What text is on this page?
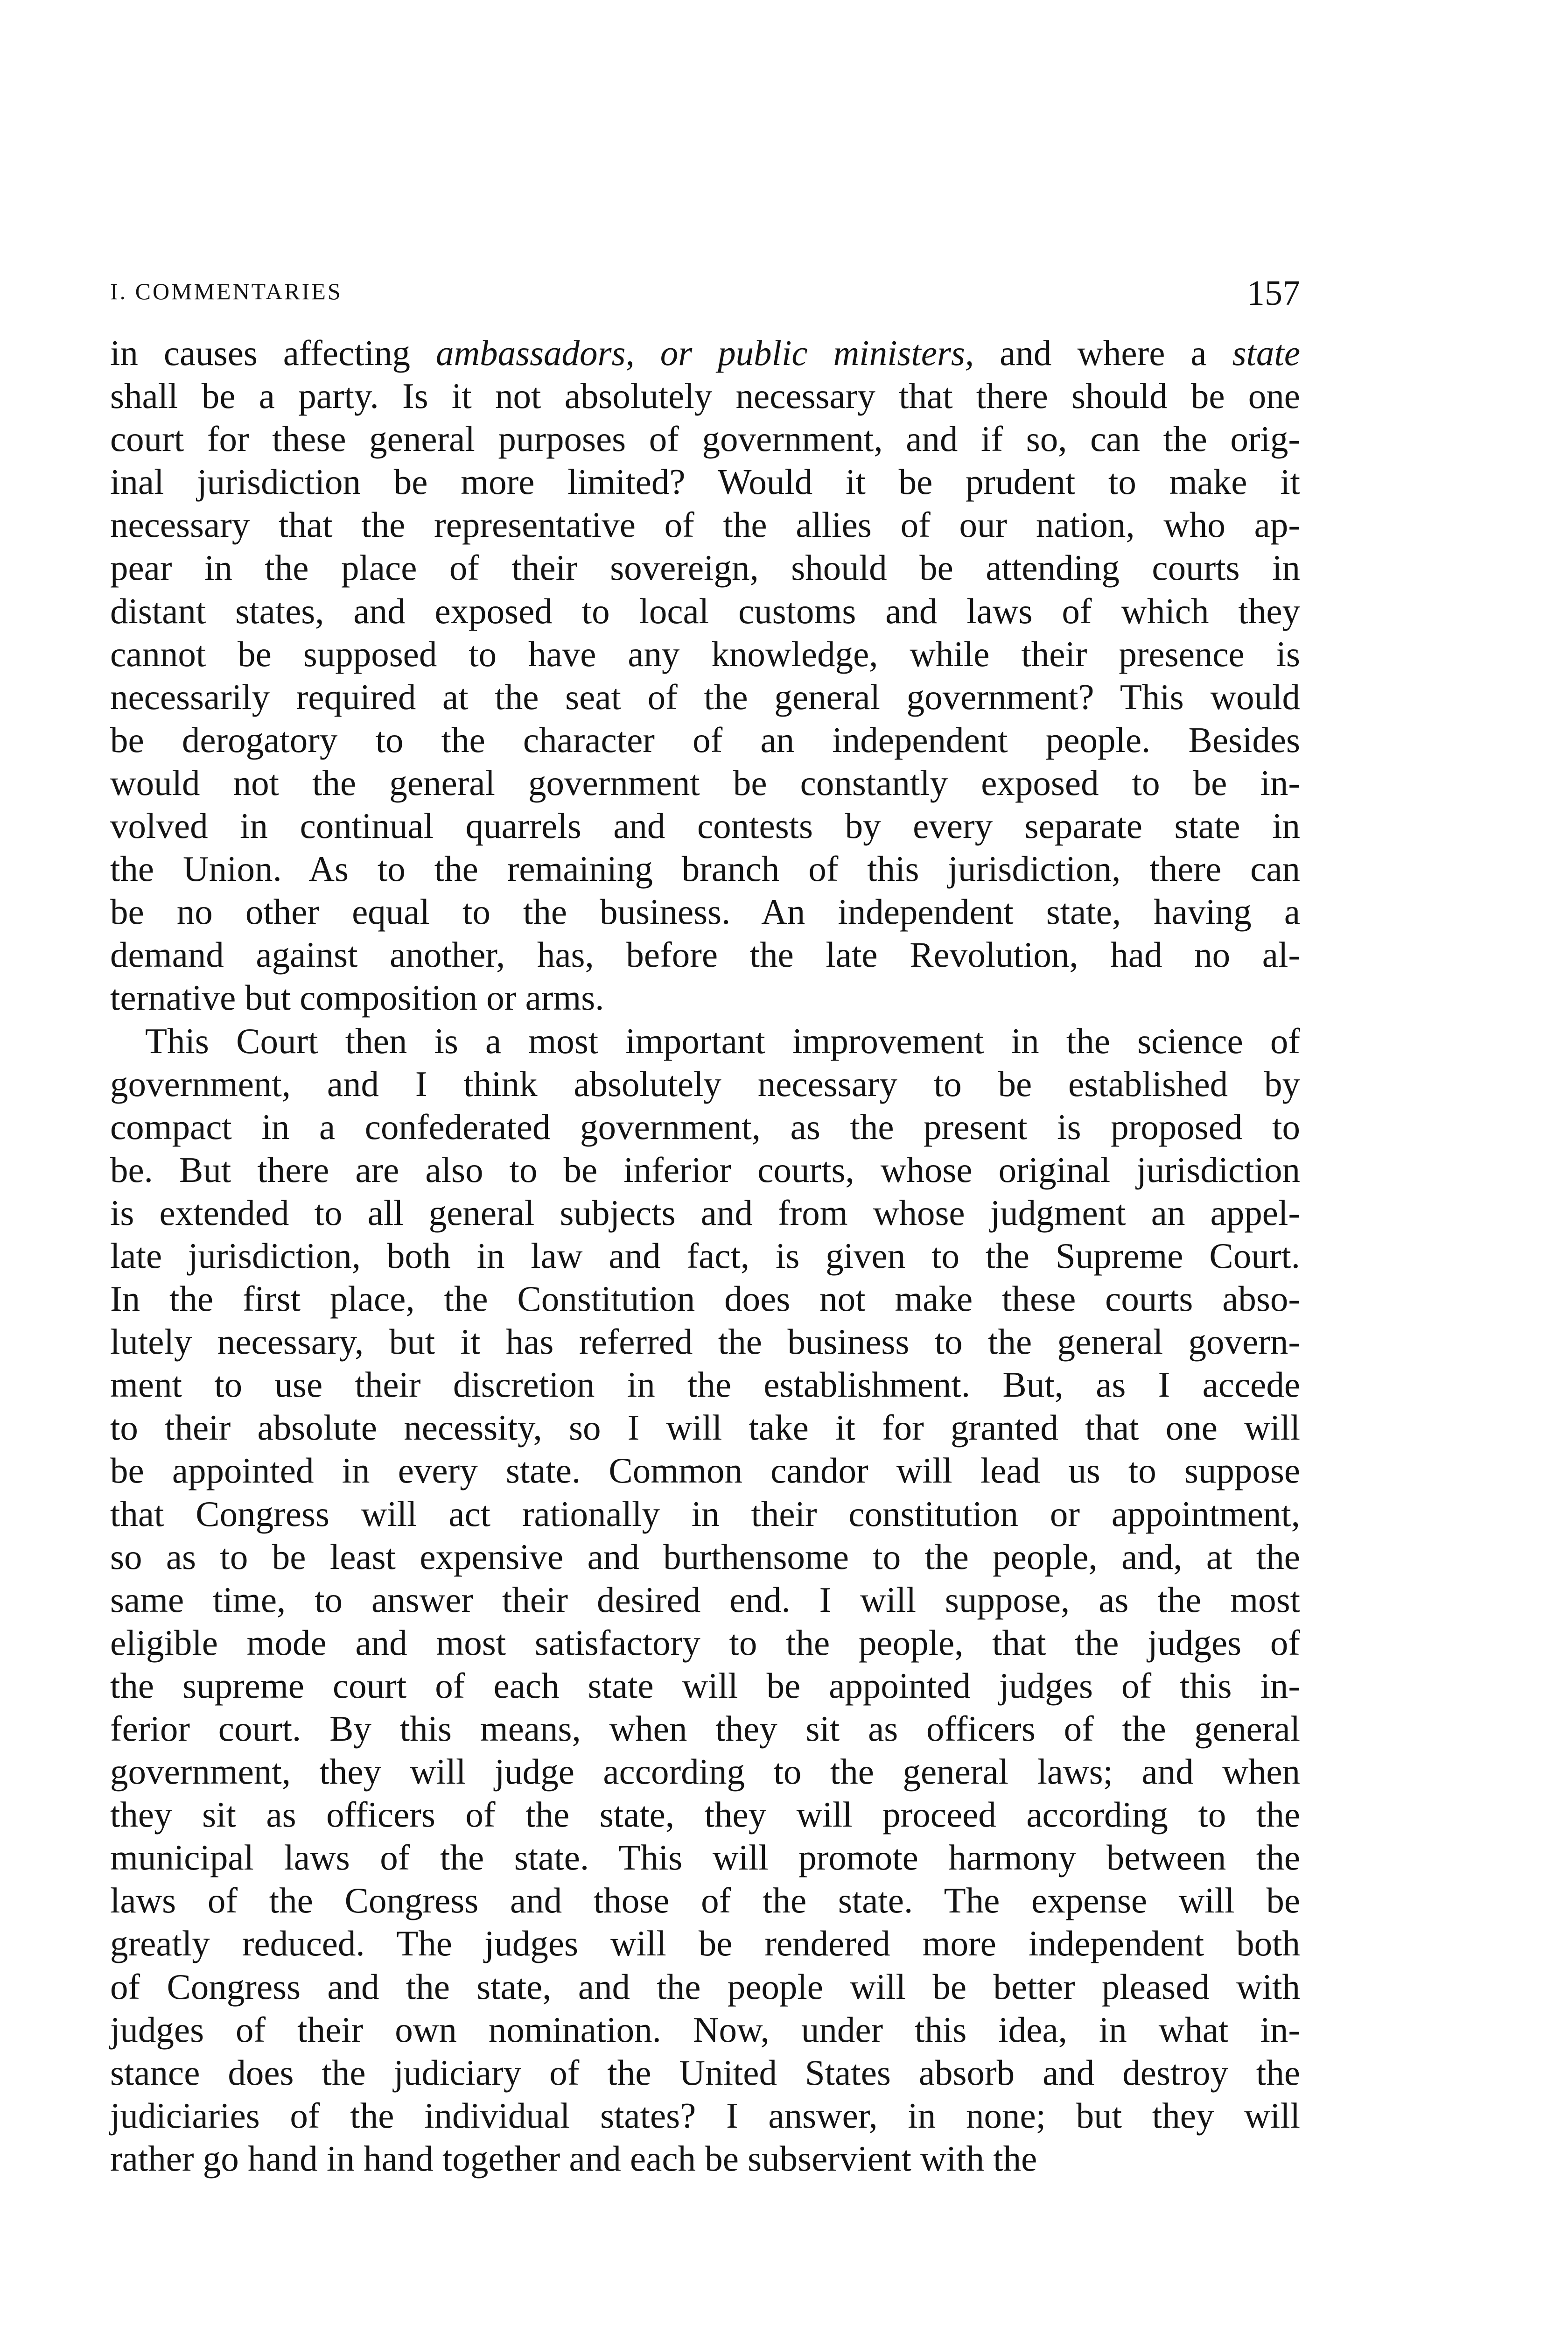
I. COMMENTARIES	157
in causes affecting ambassadors, or public ministers, and where a state
shall be a party. Is it not absolutely necessary that there should be one
court for these general purposes of government, and if so, can the orig-
inal jurisdiction be more limited? Would it be prudent to make it
necessary that the representative of the allies of our nation, who ap-
pear in the place of their sovereign, should be attending courts in
distant states, and exposed to local customs and laws of which they
cannot be supposed to have any knowledge, while their presence is
necessarily required at the seat of the general government? This would
be derogatory to the character of an independent people. Besides
would not the general government be constantly exposed to be in-
volved in continual quarrels and contests by every separate state in
the Union. As to the remaining branch of this jurisdiction, there can
be no other equal to the business. An independent state, having a
demand against another, has, before the late Revolution, had no al-
ternative but composition or arms.
This Court then is a most important improvement in the science of
government, and I think absolutely necessary to be established by
compact in a confederated government, as the present is proposed to
be. But there are also to be inferior courts, whose original jurisdiction
is extended to all general subjects and from whose judgment an appel-
late jurisdiction, both in law and fact, is given to the Supreme Court.
In the first place, the Constitution does not make these courts abso-
lutely necessary, but it has referred the business to the general govern-
ment to use their discretion in the establishment. But, as I accede
to their absolute necessity, so I will take it for granted that one will
be appointed in every state. Common candor will lead us to suppose
that Congress will act rationally in their constitution or appointment,
so as to be least expensive and burthensome to the people, and, at the
same time, to answer their desired end. I will suppose, as the most
eligible mode and most satisfactory to the people, that the judges of
the supreme court of each state will be appointed judges of this in-
ferior court. By this means, when they sit as officers of the general
government, they will judge according to the general laws; and when
they sit as officers of the state, they will proceed according to the
municipal laws of the state. This will promote harmony between the
laws of the Congress and those of the state. The expense will be
greatly reduced. The judges will be rendered more independent both
of Congress and the state, and the people will be better pleased with
judges of their own nomination. Now, under this idea, in what in-
stance does the judiciary of the United States absorb and destroy the
judiciaries of the individual states? I answer, in none; but they will
rather go hand in hand together and each be subservient with the
